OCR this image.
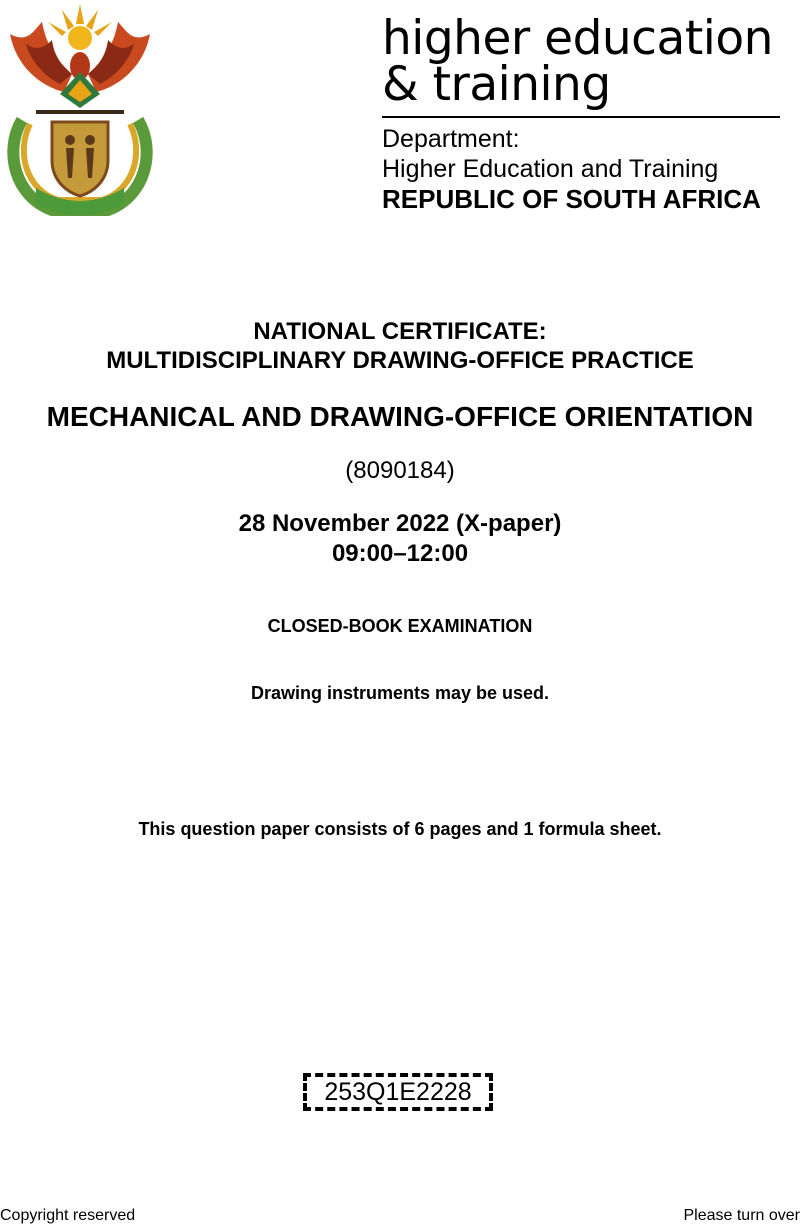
higher education
& training
Department:
Higher Education and Training
REPUBLIC OF SOUTH AFRICA
NATIONAL CERTIFICATE:
MULTIDISCIPLINARY DRAWING-OFFICE PRACTICE
MECHANICAL AND DRAWING-OFFICE ORIENTATION
(8090184)
28 November 2022 (X-paper)
09:00–12:00
CLOSED-BOOK EXAMINATION
Drawing instruments may be used.
This question paper consists of 6 pages and 1 formula sheet.
253Q1E2228
Copyright reserved	Please turn over
